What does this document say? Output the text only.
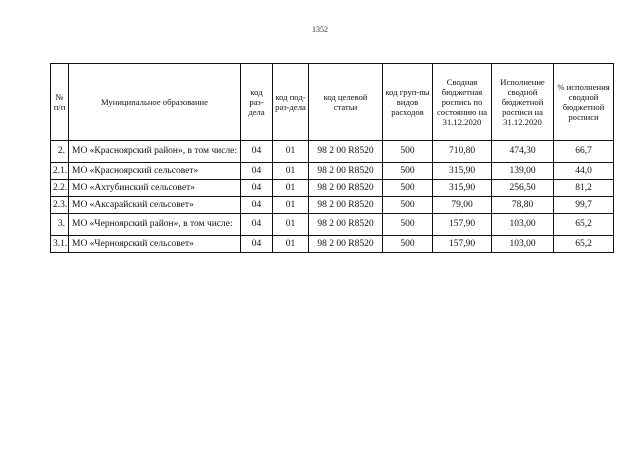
1352
№ п/п	Муниципальное образование	код раз-дела	код под-раз-дела	код целевой статьи	код груп-пы видов расходов	Сводная бюджетная роспись по состоянию на 31.12.2020	Исполнение сводной бюджетной росписи на 31.12.2020	% исполнения сводной бюджетной росписи
2.	МО «Красноярский район», в том числе:	04	01	98 2 00 R8520	500	710,80	474,30	66,7
2.1.	МО «Красноярский сельсовет»	04	01	98 2 00 R8520	500	315,90	139,00	44,0
2.2.	МО «Ахтубинский сельсовет»	04	01	98 2 00 R8520	500	315,90	256,50	81,2
2.3.	МО «Аксарайский сельсовет»	04	01	98 2 00 R8520	500	79,00	78,80	99,7
3.	МО «Черноярский район», в том числе:	04	01	98 2 00 R8520	500	157,90	103,00	65,2
3.1.	МО «Черноярский сельсовет»	04	01	98 2 00 R8520	500	157,90	103,00	65,2
